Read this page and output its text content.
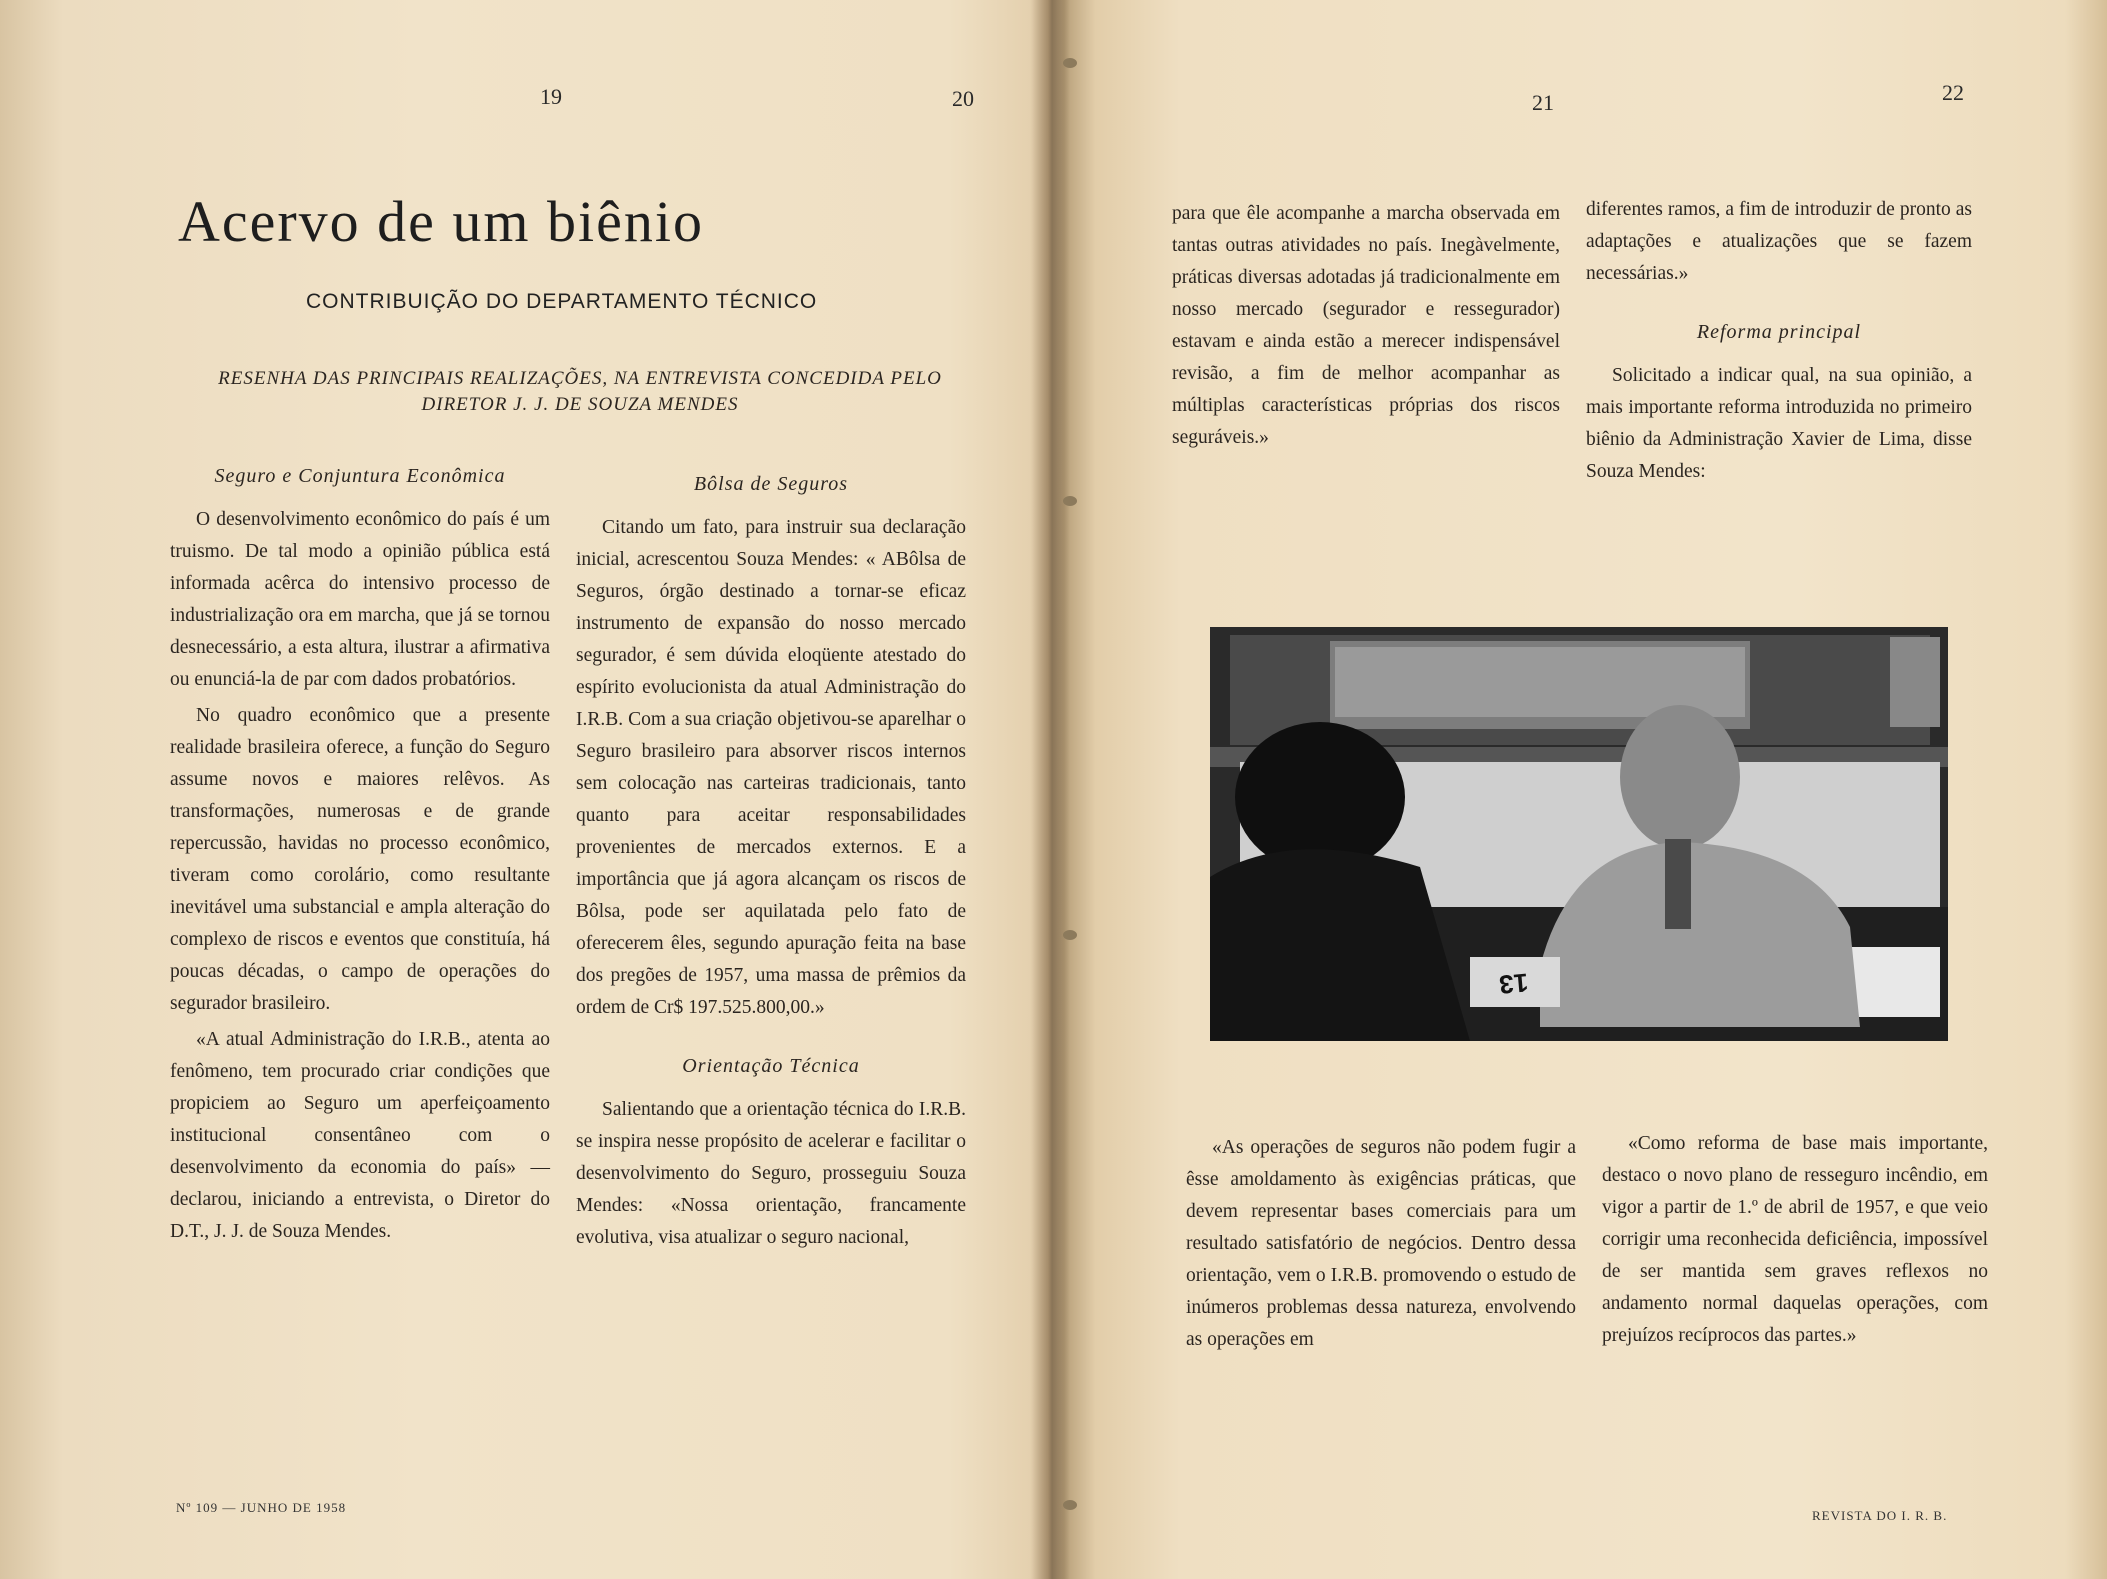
19	20
Acervo de um biênio
CONTRIBUIÇÃO DO DEPARTAMENTO TÉCNICO
RESENHA DAS PRINCIPAIS REALIZAÇÕES, NA ENTREVISTA CONCEDIDA PELO DIRETOR J. J. DE SOUZA MENDES
Seguro e Conjuntura Econômica

O desenvolvimento econômico do país é um truismo. De tal modo a opinião pública está informada acêrca do intensivo processo de industrialização ora em marcha, que já se tornou desnecessário, a esta altura, ilustrar a afirmativa ou enunciá-la de par com dados probatórios.

No quadro econômico que a presente realidade brasileira oferece, a função do Seguro assume novos e maiores relêvos. As transformações, numerosas e de grande repercussão, havidas no processo econômico, tiveram como corolário, como resultante inevitável uma substancial e ampla alteração do complexo de riscos e eventos que constituía, há poucas décadas, o campo de operações do segurador brasileiro.

«A atual Administração do I.R.B., atenta ao fenômeno, tem procurado criar condições que propiciem ao Seguro um aperfeiçoamento institucional consentâneo com o desenvolvimento da economia do país» — declarou, iniciando a entrevista, o Diretor do D.T., J. J. de Souza Mendes.

Bôlsa de Seguros

Citando um fato, para instruir sua declaração inicial, acrescentou Souza Mendes: « ABôlsa de Seguros, órgão destinado a tornar-se eficaz instrumento de expansão do nosso mercado segurador, é sem dúvida eloqüente atestado do espírito evolucionista da atual Administração do I.R.B. Com a sua criação objetivou-se aparelhar o Seguro brasileiro para absorver riscos internos sem colocação nas carteiras tradicionais, tanto quanto para aceitar responsabilidades provenientes de mercados externos. E a importância que já agora alcançam os riscos de Bôlsa, pode ser aquilatada pelo fato de oferecerem êles, segundo apuração feita na base dos pregões de 1957, uma massa de prêmios da ordem de Cr$ 197.525.800,00.»

Orientação Técnica

Salientando que a orientação técnica do I.R.B. se inspira nesse propósito de acelerar e facilitar o desenvolvimento do Seguro, prosseguiu Souza Mendes: «Nossa orientação, francamente evolutiva, visa atualizar o seguro nacional,

Nº 109 — JUNHO DE 1958
21	22

para que êle acompanhe a marcha observada em tantas outras atividades no país. Inegàvelmente, práticas diversas adotadas já tradicionalmente em nosso mercado (segurador e ressegurador) estavam e ainda estão a merecer indispensável revisão, a fim de melhor acompanhar as múltiplas características próprias dos riscos seguráveis.»

diferentes ramos, a fim de introduzir de pronto as adaptações e atualizações que se fazem necessárias.»

Reforma principal

Solicitado a indicar qual, na sua opinião, a mais importante reforma introduzida no primeiro biênio da Administração Xavier de Lima, disse Souza Mendes:

13

«As operações de seguros não podem fugir a êsse amoldamento às exigências práticas, que devem representar bases comerciais para um resultado satisfatório de negócios. Dentro dessa orientação, vem o I.R.B. promovendo o estudo de inúmeros problemas dessa natureza, envolvendo as operações em

«Como reforma de base mais importante, destaco o novo plano de resseguro incêndio, em vigor a partir de 1.º de abril de 1957, e que veio corrigir uma reconhecida deficiência, impossível de ser mantida sem graves reflexos no andamento normal daquelas operações, com prejuízos recíprocos das partes.»

REVISTA DO I. R. B.
